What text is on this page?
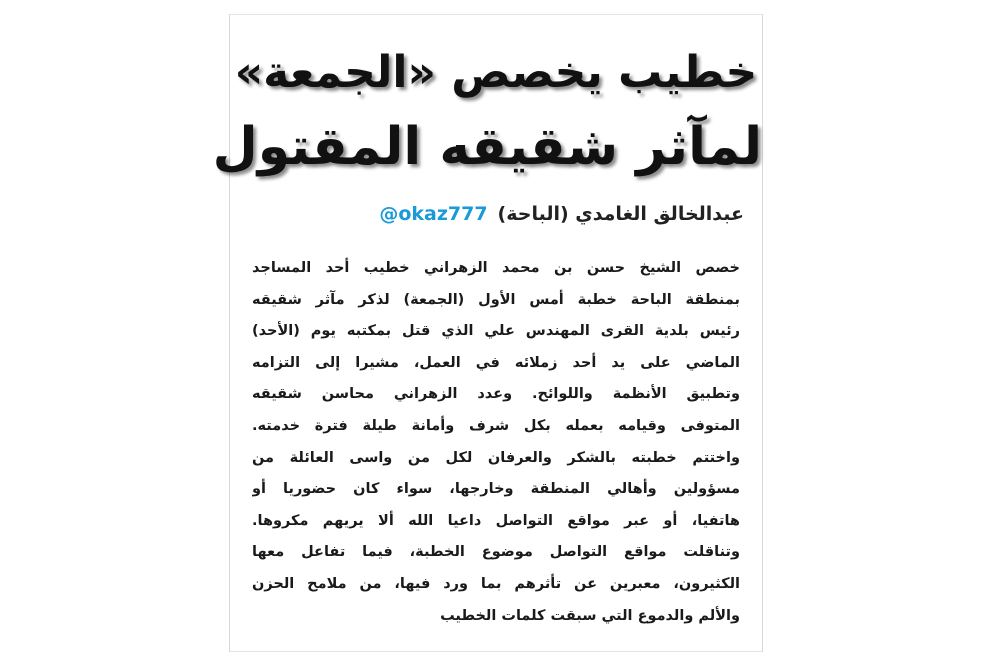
خطيب يخصص «الجمعة»
لمآثر شقيقه المقتول
عبدالخالق الغامدي (الباحة)
@okaz777
خصص الشيخ حسن بن محمد الزهراني خطيب أحد المساجد
بمنطقة الباحة خطبة أمس الأول (الجمعة) لذكر مآثر شقيقه
رئيس بلدية القرى المهندس علي الذي قتل بمكتبه يوم (الأحد)
الماضي على يد أحد زملائه في العمل، مشيرا إلى التزامه
وتطبيق الأنظمة واللوائح. وعدد الزهراني محاسن شقيقه
المتوفى وقيامه بعمله بكل شرف وأمانة طيلة فترة خدمته.
واختتم خطبته بالشكر والعرفان لكل من واسى العائلة من
مسؤولين وأهالي المنطقة وخارجها، سواء كان حضوريا أو
هاتفيا، أو عبر مواقع التواصل داعيا الله ألا يريهم مكروها.
وتناقلت مواقع التواصل موضوع الخطبة، فيما تفاعل معها
الكثيرون، معبرين عن تأثرهم بما ورد فيها، من ملامح الحزن
والألم والدموع التي سبقت كلمات الخطيب
